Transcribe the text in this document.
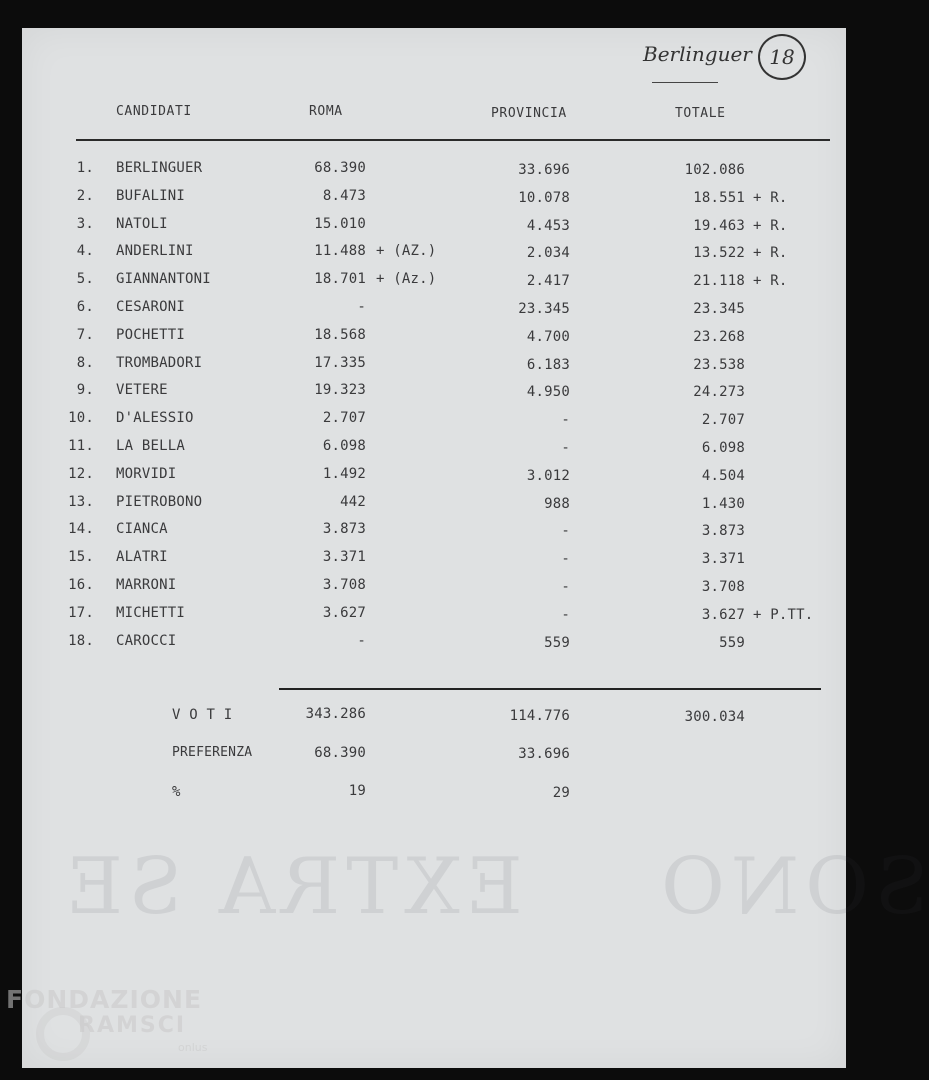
Berlinguer 18
CANDIDATI	ROMA	PROVINCIA	TOTALE
1. BERLINGUER	68.390	33.696	102.086
2. BUFALINI	8.473	10.078	18.551 + R.
3. NATOLI	15.010	4.453	19.463 + R.
4. ANDERLINI	11.488 + (AZ.)	2.034	13.522 + R.
5. GIANNANTONI	18.701 + (Az.)	2.417	21.118 + R.
6. CESARONI	-	23.345	23.345
7. POCHETTI	18.568	4.700	23.268
8. TROMBADORI	17.335	6.183	23.538
9. VETERE	19.323	4.950	24.273
10. D'ALESSIO	2.707	-	2.707
11. LA BELLA	6.098	-	6.098
12. MORVIDI	1.492	3.012	4.504
13. PIETROBONO	442	988	1.430
14. CIANCA	3.873	-	3.873
15. ALATRI	3.371	-	3.371
16. MARRONI	3.708	-	3.708
17. MICHETTI	3.627	-	3.627 + P.TT.
18. CAROCCI	-	559	559
V O T I	343.286	114.776	300.034
PREFERENZA	68.390	33.696
%	19	29
EXTRA SE SONO
FONDAZIONE
RAMSCI
onlus
